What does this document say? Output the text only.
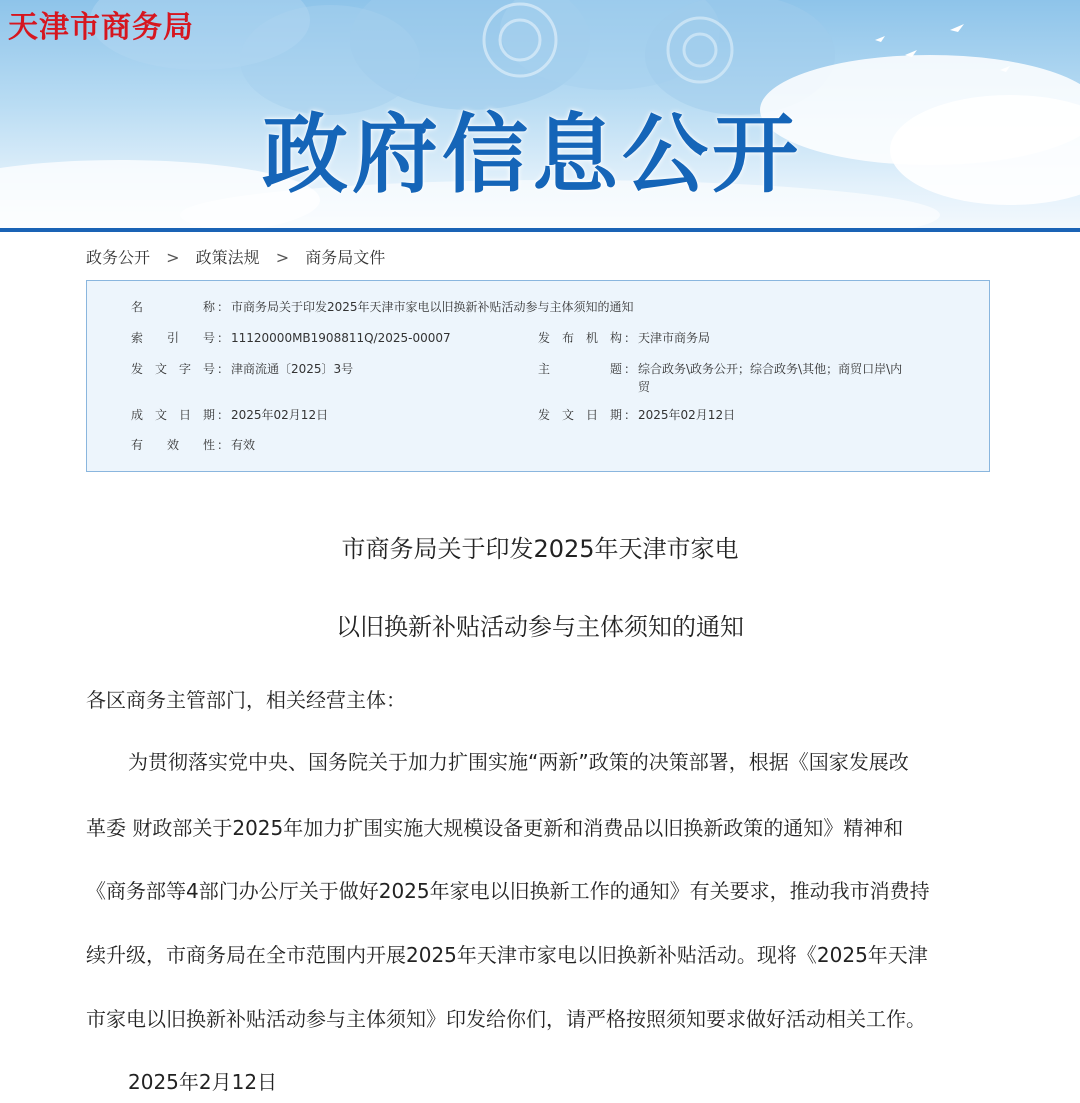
天津市商务局
政府信息公开
政务公开 > 政策法规 > 商务局文件
名	称 ： 市商务局关于印发2025年天津市家电以旧换新补贴活动参与主体须知的通知
索 引 号 ： 11120000MB1908811Q/2025-00007	发 布 机 构 ： 天津市商务局
发 文 字 号 ： 津商流通〔2025〕3号	主	题 ： 综合政务\政务公开；综合政务\其他；商贸口岸\内
贸
成 文 日 期 ： 2025年02月12日	发 文 日 期 ： 2025年02月12日
有 效 性 ： 有效
市商务局关于印发2025年天津市家电
以旧换新补贴活动参与主体须知的通知
各区商务主管部门，相关经营主体：
为贯彻落实党中央、国务院关于加力扩围实施“两新”政策的决策部署，根据《国家发展改
革委 财政部关于2025年加力扩围实施大规模设备更新和消费品以旧换新政策的通知》精神和
《商务部等4部门办公厅关于做好2025年家电以旧换新工作的通知》有关要求，推动我市消费持
续升级，市商务局在全市范围内开展2025年天津市家电以旧换新补贴活动。现将《2025年天津
市家电以旧换新补贴活动参与主体须知》印发给你们，请严格按照须知要求做好活动相关工作。
2025年2月12日
